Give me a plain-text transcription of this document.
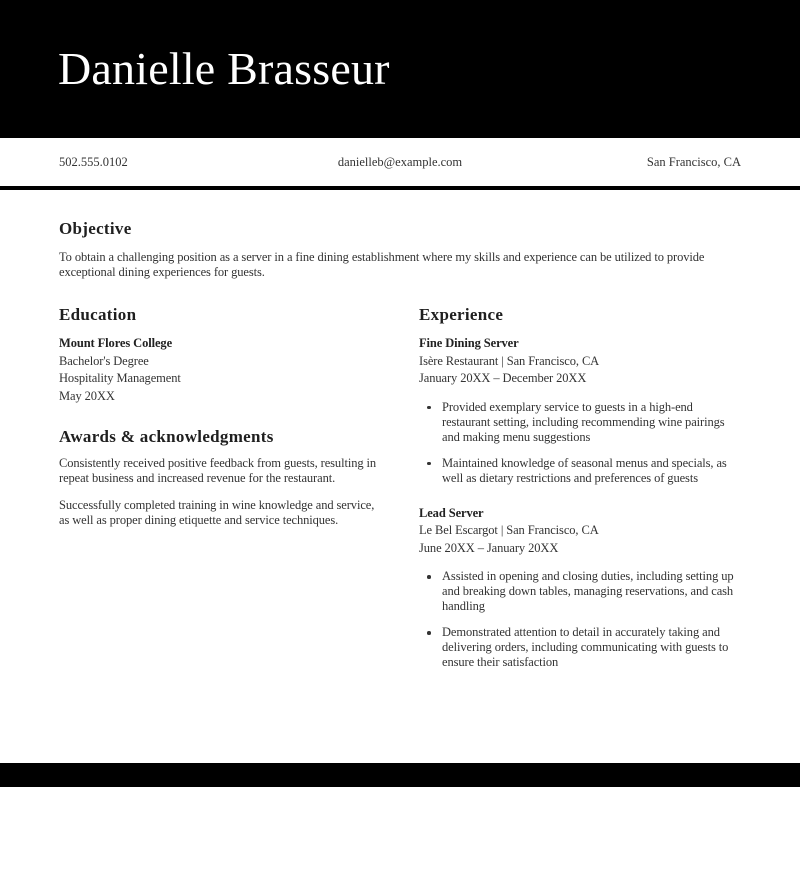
Danielle Brasseur
502.555.0102	danielleb@example.com	San Francisco, CA
Objective

To obtain a challenging position as a server in a fine dining establishment where my skills and experience can be utilized to provide exceptional dining experiences for guests.

Education
Mount Flores College
Bachelor's Degree
Hospitality Management
May 20XX
Awards & acknowledgments

Consistently received positive feedback from guests, resulting in repeat business and increased revenue for the restaurant.

Successfully completed training in wine knowledge and service, as well as proper dining etiquette and service techniques.

Experience
Fine Dining Server
Isère Restaurant | San Francisco, CA
January 20XX – December 20XX
Provided exemplary service to guests in a high-end restaurant setting, including recommending wine pairings and making menu suggestions
Maintained knowledge of seasonal menus and specials, as well as dietary restrictions and preferences of guests
Lead Server
Le Bel Escargot | San Francisco, CA
June 20XX – January 20XX
Assisted in opening and closing duties, including setting up and breaking down tables, managing reservations, and cash handling
Demonstrated attention to detail in accurately taking and delivering orders, including communicating with guests to ensure their satisfaction
